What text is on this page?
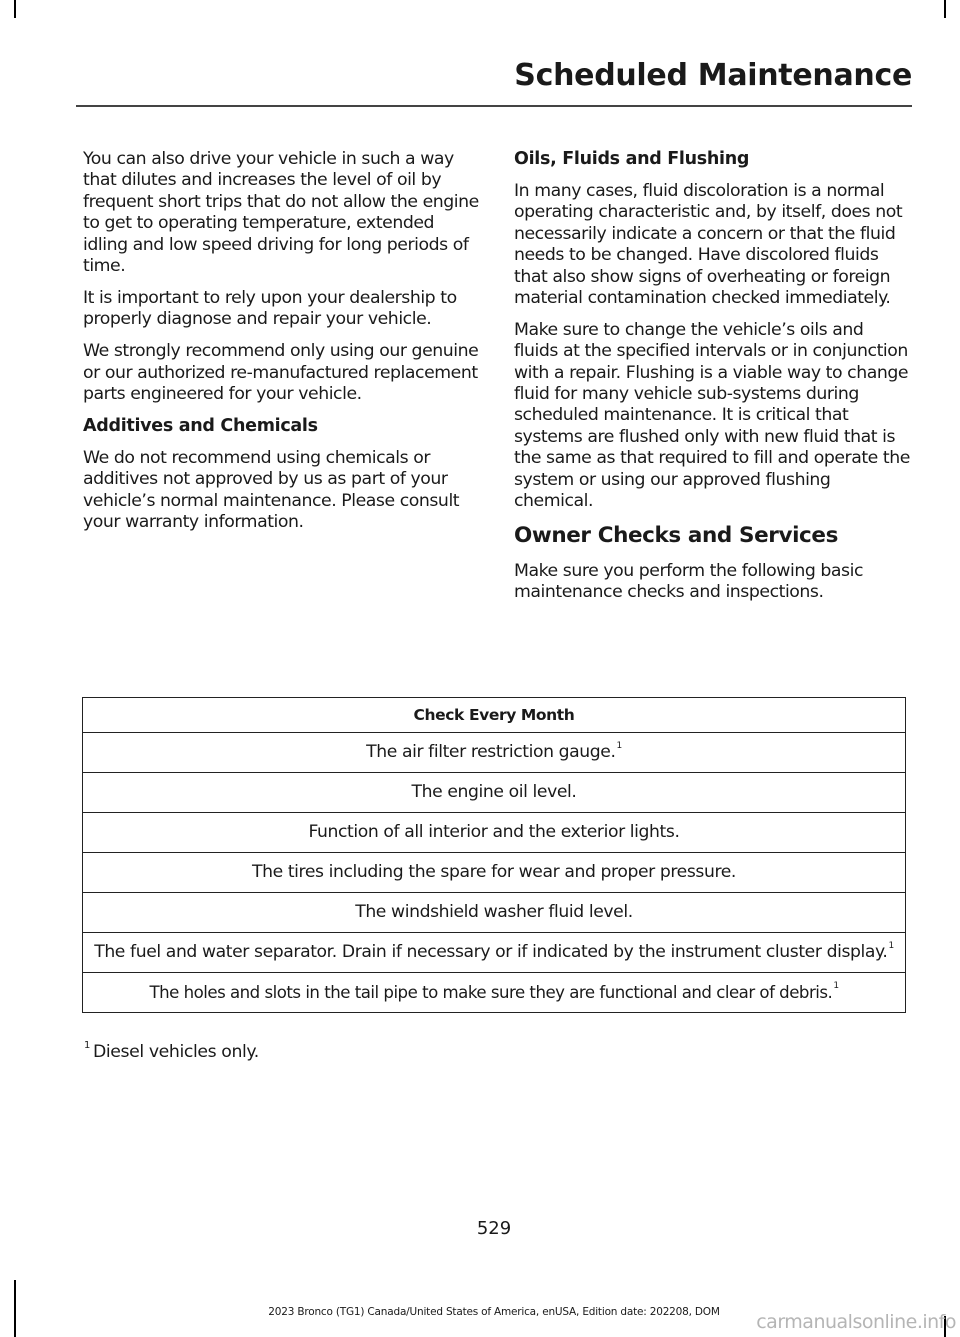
Scheduled Maintenance

You can also drive your vehicle in such a way that dilutes and increases the level of oil by frequent short trips that do not allow the engine to get to operating temperature, extended idling and low speed driving for long periods of time.

It is important to rely upon your dealership to properly diagnose and repair your vehicle.

We strongly recommend only using our genuine or our authorized re-manufactured replacement parts engineered for your vehicle.

Additives and Chemicals

We do not recommend using chemicals or additives not approved by us as part of your vehicle’s normal maintenance. Please consult your warranty information.

Oils, Fluids and Flushing

In many cases, fluid discoloration is a normal operating characteristic and, by itself, does not necessarily indicate a concern or that the fluid needs to be changed. Have discolored fluids that also show signs of overheating or foreign material contamination checked immediately.

Make sure to change the vehicle’s oils and fluids at the specified intervals or in conjunction with a repair. Flushing is a viable way to change fluid for many vehicle sub-systems during scheduled maintenance. It is critical that systems are flushed only with new fluid that is the same as that required to fill and operate the system or using our approved flushing chemical.

Owner Checks and Services

Make sure you perform the following basic maintenance checks and inspections.

Check Every Month
The air filter restriction gauge.$^1$
The engine oil level.
Function of all interior and the exterior lights.
The tires including the spare for wear and proper pressure.
The windshield washer fluid level.
The fuel and water separator. Drain if necessary or if indicated by the instrument cluster display.$^1$
The holes and slots in the tail pipe to make sure they are functional and clear of debris.$^1$
$^1$ Diesel vehicles only.
529
2023 Bronco (TG1) Canada/United States of America, enUSA, Edition date: 202208, DOM	carmanualsonline.info
